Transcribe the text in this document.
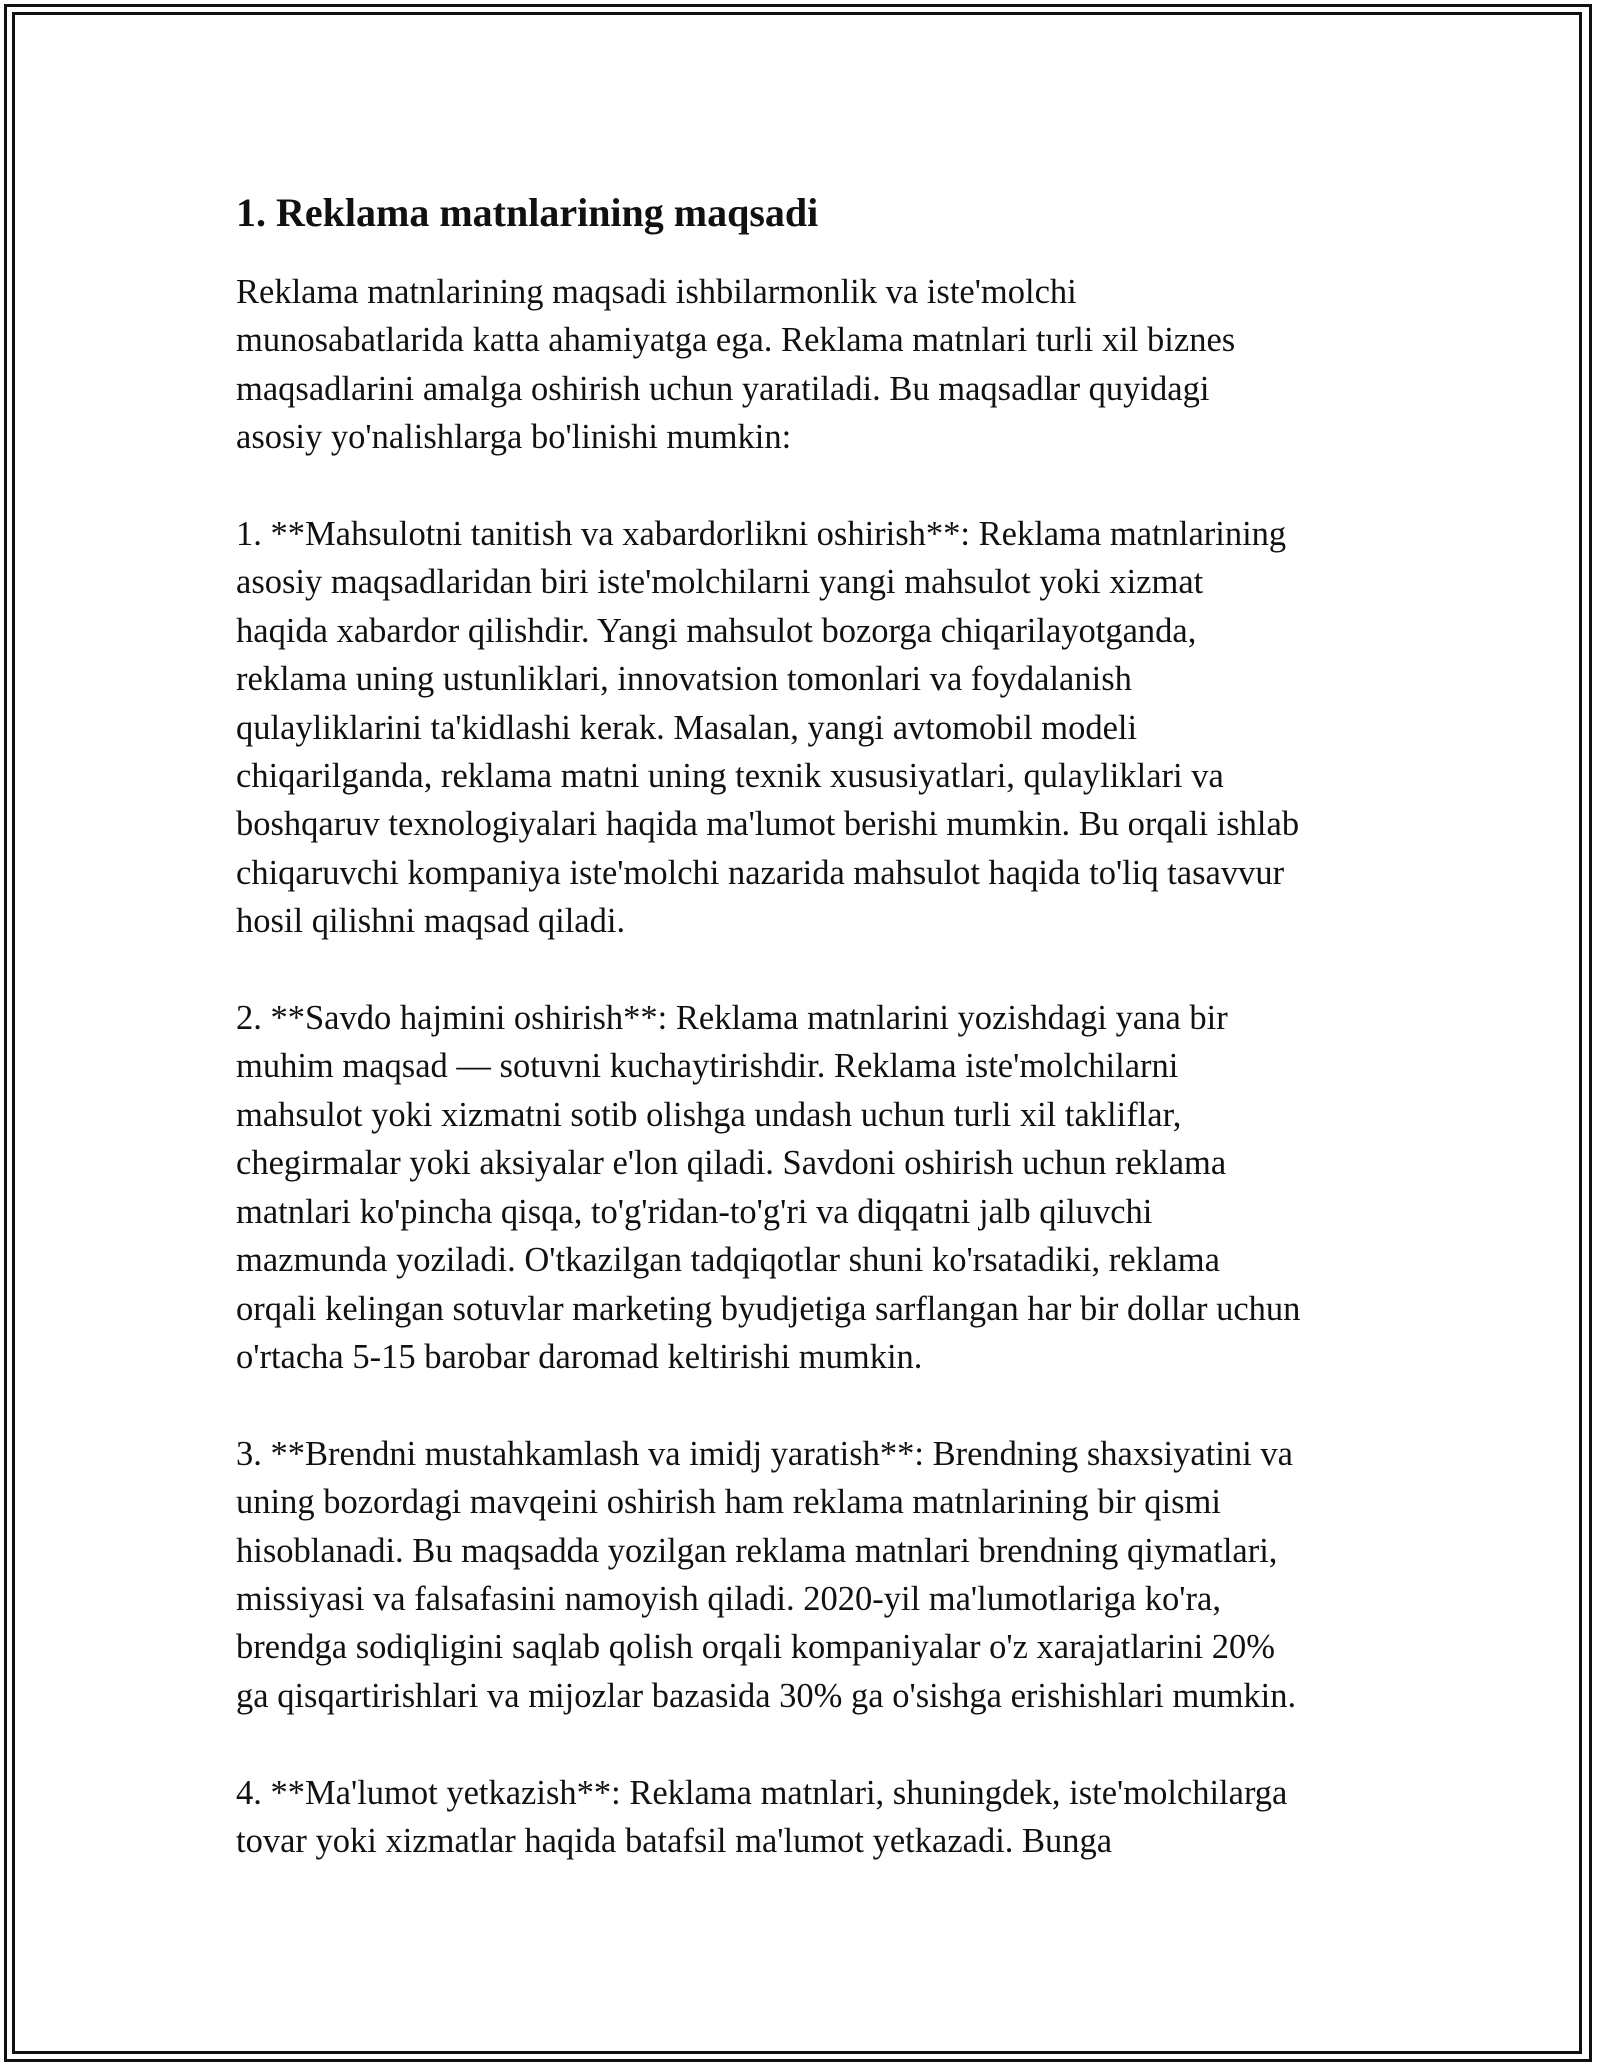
1. Reklama matnlarining maqsadi

Reklama matnlarining maqsadi ishbilarmonlik va iste'molchi
munosabatlarida katta ahamiyatga ega. Reklama matnlari turli xil biznes
maqsadlarini amalga oshirish uchun yaratiladi. Bu maqsadlar quyidagi
asosiy yo'nalishlarga bo'linishi mumkin:

1. **Mahsulotni tanitish va xabardorlikni oshirish**: Reklama matnlarining
asosiy maqsadlaridan biri iste'molchilarni yangi mahsulot yoki xizmat
haqida xabardor qilishdir. Yangi mahsulot bozorga chiqarilayotganda,
reklama uning ustunliklari, innovatsion tomonlari va foydalanish
qulayliklarini ta'kidlashi kerak. Masalan, yangi avtomobil modeli
chiqarilganda, reklama matni uning texnik xususiyatlari, qulayliklari va
boshqaruv texnologiyalari haqida ma'lumot berishi mumkin. Bu orqali ishlab
chiqaruvchi kompaniya iste'molchi nazarida mahsulot haqida to'liq tasavvur
hosil qilishni maqsad qiladi.

2. **Savdo hajmini oshirish**: Reklama matnlarini yozishdagi yana bir
muhim maqsad — sotuvni kuchaytirishdir. Reklama iste'molchilarni
mahsulot yoki xizmatni sotib olishga undash uchun turli xil takliflar,
chegirmalar yoki aksiyalar e'lon qiladi. Savdoni oshirish uchun reklama
matnlari ko'pincha qisqa, to'g'ridan-to'g'ri va diqqatni jalb qiluvchi
mazmunda yoziladi. O'tkazilgan tadqiqotlar shuni ko'rsatadiki, reklama
orqali kelingan sotuvlar marketing byudjetiga sarflangan har bir dollar uchun
o'rtacha 5-15 barobar daromad keltirishi mumkin.

3. **Brendni mustahkamlash va imidj yaratish**: Brendning shaxsiyatini va
uning bozordagi mavqeini oshirish ham reklama matnlarining bir qismi
hisoblanadi. Bu maqsadda yozilgan reklama matnlari brendning qiymatlari,
missiyasi va falsafasini namoyish qiladi. 2020-yil ma'lumotlariga ko'ra,
brendga sodiqligini saqlab qolish orqali kompaniyalar o'z xarajatlarini 20%
ga qisqartirishlari va mijozlar bazasida 30% ga o'sishga erishishlari mumkin.

4. **Ma'lumot yetkazish**: Reklama matnlari, shuningdek, iste'molchilarga
tovar yoki xizmatlar haqida batafsil ma'lumot yetkazadi. Bunga
